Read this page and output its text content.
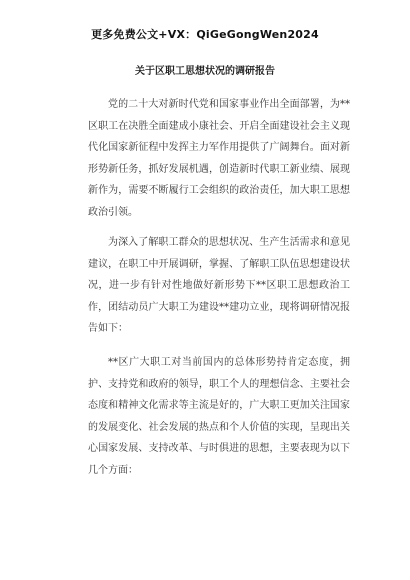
更多免费公文+VX：QiGeGongWen2024
关于区职工思想状况的调研报告

党的二十大对新时代党和国家事业作出全面部署，为**区职工在决胜全面建成小康社会、开启全面建设社会主义现代化国家新征程中发挥主力军作用提供了广阔舞台。面对新形势新任务，抓好发展机遇，创造新时代职工新业绩、展现新作为，需要不断履行工会组织的政治责任，加大职工思想政治引领。

为深入了解职工群众的思想状况、生产生活需求和意见建议，在职工中开展调研，掌握、了解职工队伍思想建设状况，进一步有针对性地做好新形势下**区职工思想政治工作，团结动员广大职工为建设**建功立业，现将调研情况报告如下：

**区广大职工对当前国内的总体形势持肯定态度，拥护、支持党和政府的领导，职工个人的理想信念、主要社会态度和精神文化需求等主流是好的，广大职工更加关注国家的发展变化、社会发展的热点和个人价值的实现，呈现出关心国家发展、支持改革、与时俱进的思想，主要表现为以下几个方面：
